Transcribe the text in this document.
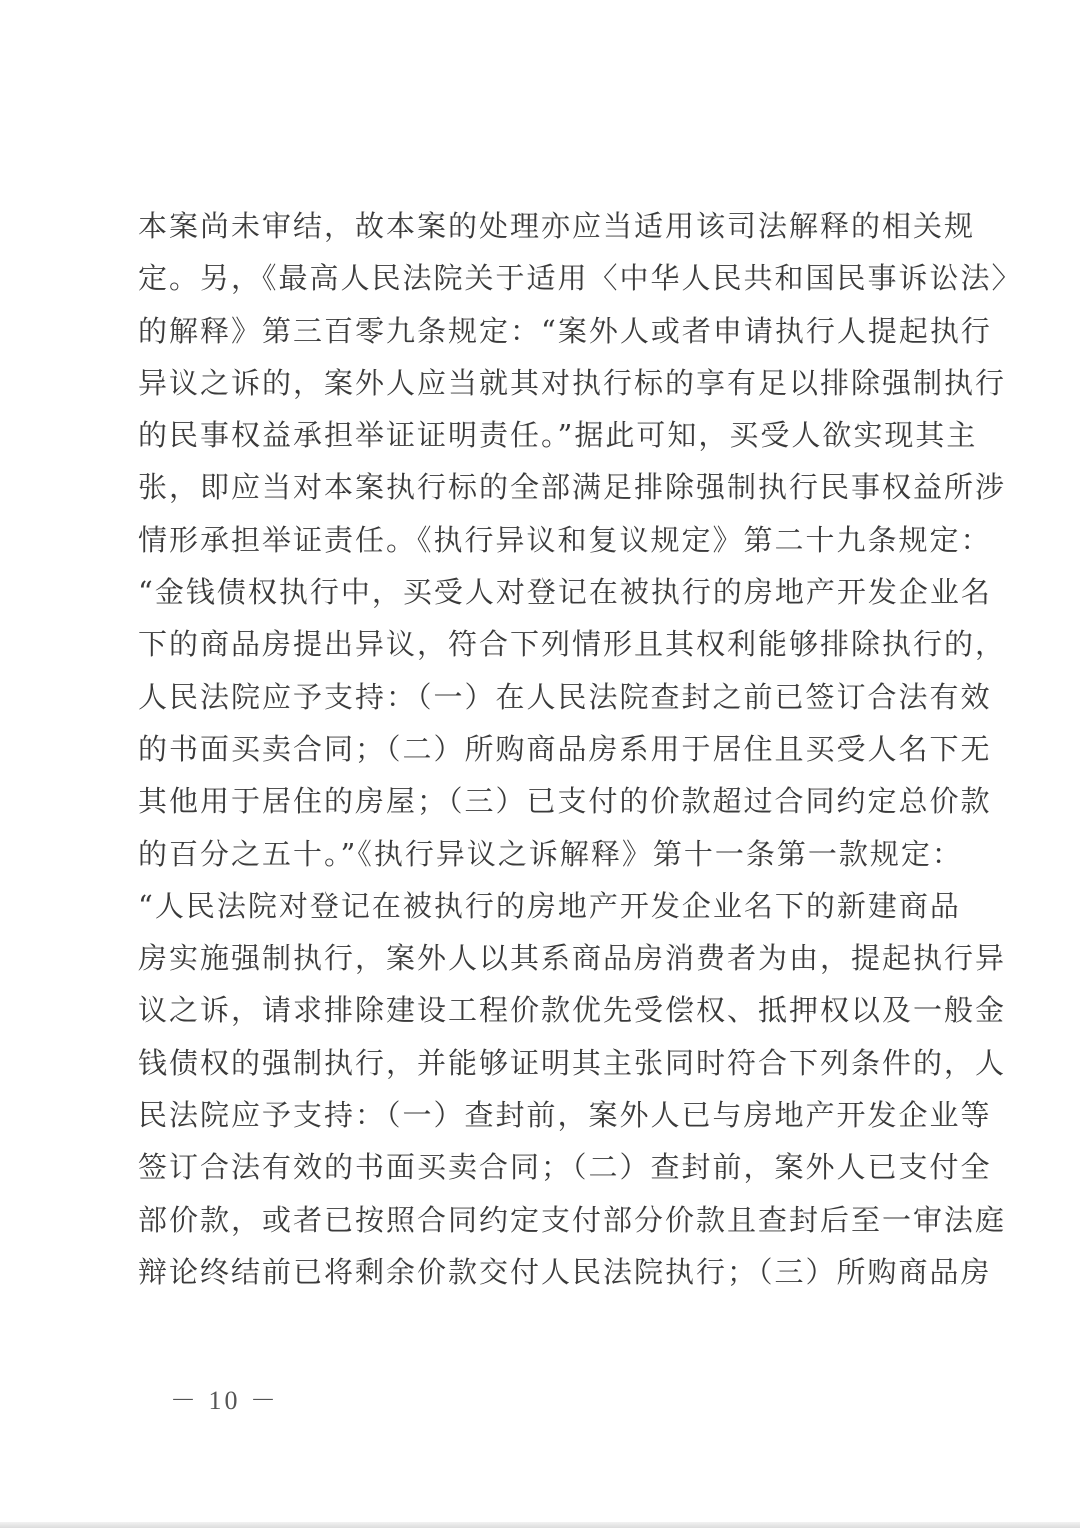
本案尚未审结，故本案的处理亦应当适用该司法解释的相关规
定。另，《最高人民法院关于适用〈中华人民共和国民事诉讼法〉
的解释》第三百零九条规定：“案外人或者申请执行人提起执行
异议之诉的，案外人应当就其对执行标的享有足以排除强制执行
的民事权益承担举证证明责任。”据此可知，买受人欲实现其主
张，即应当对本案执行标的全部满足排除强制执行民事权益所涉
情形承担举证责任。《执行异议和复议规定》第二十九条规定：
“金钱债权执行中，买受人对登记在被执行的房地产开发企业名
下的商品房提出异议，符合下列情形且其权利能够排除执行的，
人民法院应予支持：（一）在人民法院查封之前已签订合法有效
的书面买卖合同；（二）所购商品房系用于居住且买受人名下无
其他用于居住的房屋；（三）已支付的价款超过合同约定总价款
的百分之五十。”《执行异议之诉解释》第十一条第一款规定：
“人民法院对登记在被执行的房地产开发企业名下的新建商品
房实施强制执行，案外人以其系商品房消费者为由，提起执行异
议之诉，请求排除建设工程价款优先受偿权、抵押权以及一般金
钱债权的强制执行，并能够证明其主张同时符合下列条件的，人
民法院应予支持：（一）查封前，案外人已与房地产开发企业等
签订合法有效的书面买卖合同；（二）查封前，案外人已支付全
部价款，或者已按照合同约定支付部分价款且查封后至一审法庭
辩论终结前已将剩余价款交付人民法院执行；（三）所购商品房
－ 10 －
